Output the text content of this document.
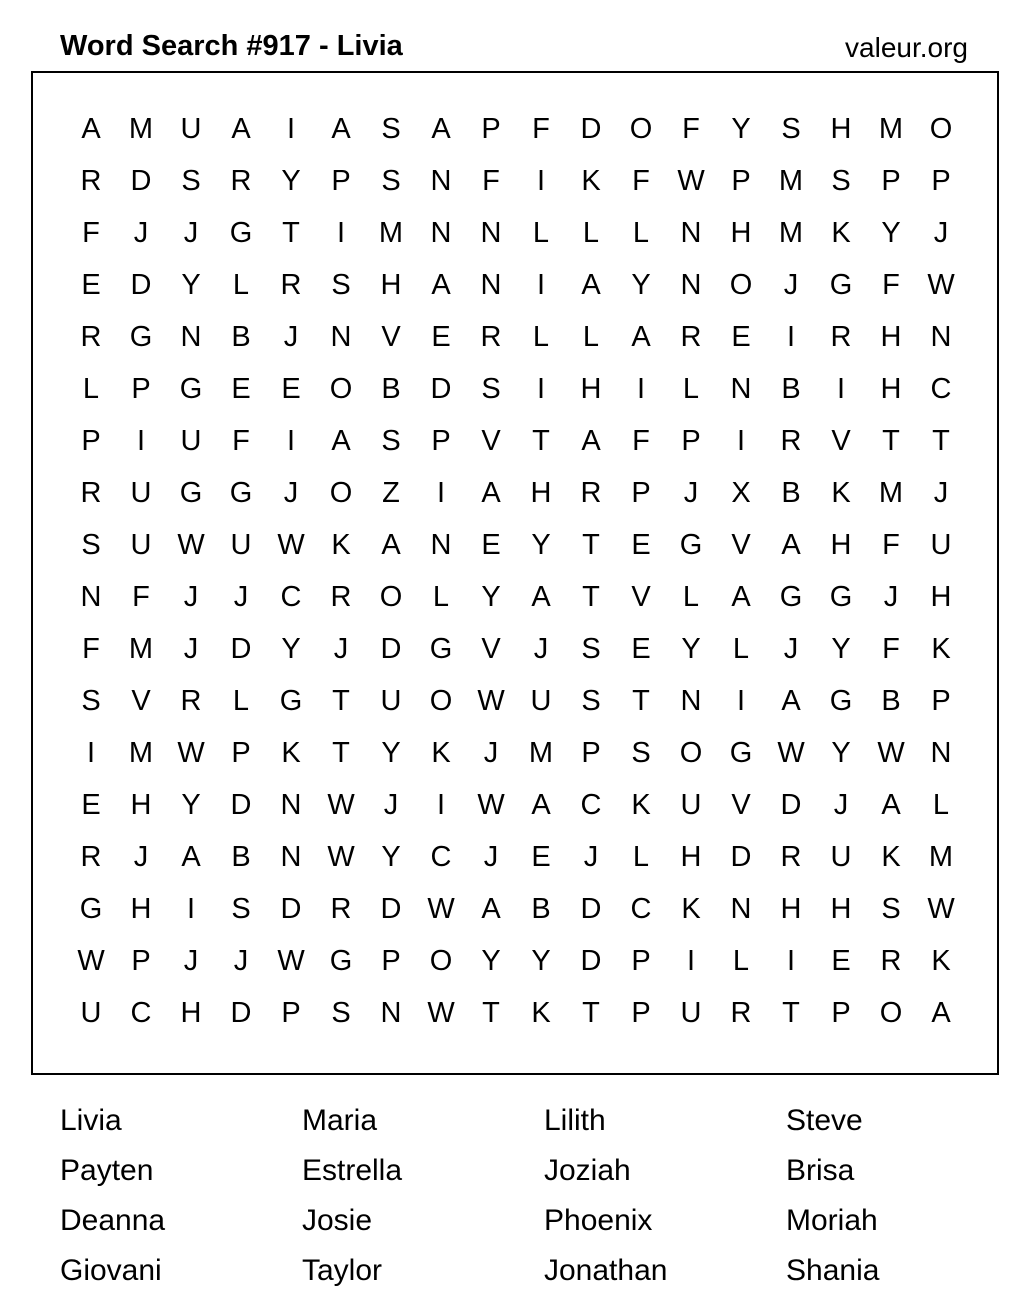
Word Search #917 - Livia	valeur.org
A M U	A	I	A	S	A	P	F	D O	F	Y	S	H M O
R	D	S	R	Y	P	S	N	F	I	K	F W P M S	P	P
F	J	J	G	T	I	M N	N	L	L	L	N	H M K	Y	J
E	D	Y	L	R	S	H	A	N	I	A	Y	N O	J	G	F W
R G N	B	J	N	V	E	R	L	L	A	R	E	I	R	H	N
L	P	G	E	E	O	B	D	S	I	H	I	L	N	B	I	H	C
P	I	U	F	I	A	S	P	V	T	A	F	P	I	R	V	T	T
R	U G G	J	O	Z	I	A	H	R	P	J	X	B	K M	J
S	U W U W K	A	N	E	Y	T	E	G	V	A	H	F	U
N	F	J	J	C	R O	L	Y	A	T	V	L	A	G G	J	H
F	M	J	D	Y	J	D G	V	J	S	E	Y	L	J	Y	F	K
S	V	R	L	G	T	U O W U	S	T	N	I	A	G	B	P
I	M W P	K	T	Y	K	J	M P	S	O G W Y W N
E	H	Y	D	N W	J	I	W A	C	K	U	V	D	J	A	L
R	J	A	B	N W Y	C	J	E	J	L	H	D	R	U	K M
G H	I	S	D	R	D W A	B	D	C	K	N	H	H	S W
W P	J	J	W G	P	O	Y	Y	D	P	I	L	I	E	R	K
U	C	H	D	P	S	N W T	K	T	P	U	R	T	P	O	A
Livia	Maria	Lilith	Steve
Payten	Estrella	Joziah	Brisa
Deanna	Josie	Phoenix	Moriah
Giovani	Taylor	Jonathan	Shania
